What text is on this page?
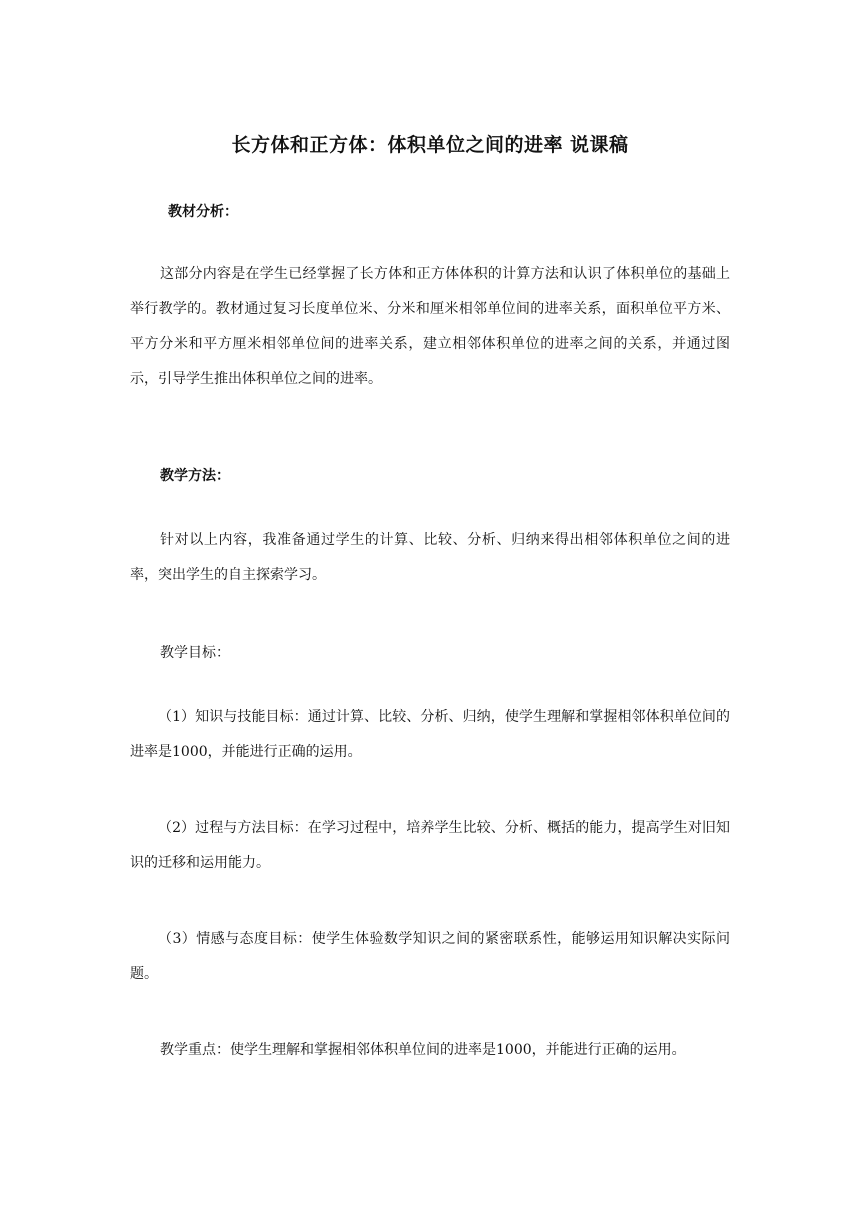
长方体和正方体：体积单位之间的进率 说课稿
教材分析：
这部分内容是在学生已经掌握了长方体和正方体体积的计算方法和认识了体积单位的基础上举行教学的。教材通过复习长度单位米、分米和厘米相邻单位间的进率关系，面积单位平方米、平方分米和平方厘米相邻单位间的进率关系，建立相邻体积单位的进率之间的关系，并通过图示，引导学生推出体积单位之间的进率。
教学方法：
针对以上内容，我准备通过学生的计算、比较、分析、归纳来得出相邻体积单位之间的进率，突出学生的自主探索学习。
教学目标：
（1）知识与技能目标：通过计算、比较、分析、归纳，使学生理解和掌握相邻体积单位间的进率是1000，并能进行正确的运用。
（2）过程与方法目标：在学习过程中，培养学生比较、分析、概括的能力，提高学生对旧知识的迁移和运用能力。
（3）情感与态度目标：使学生体验数学知识之间的紧密联系性，能够运用知识解决实际问题。
教学重点：使学生理解和掌握相邻体积单位间的进率是1000，并能进行正确的运用。
